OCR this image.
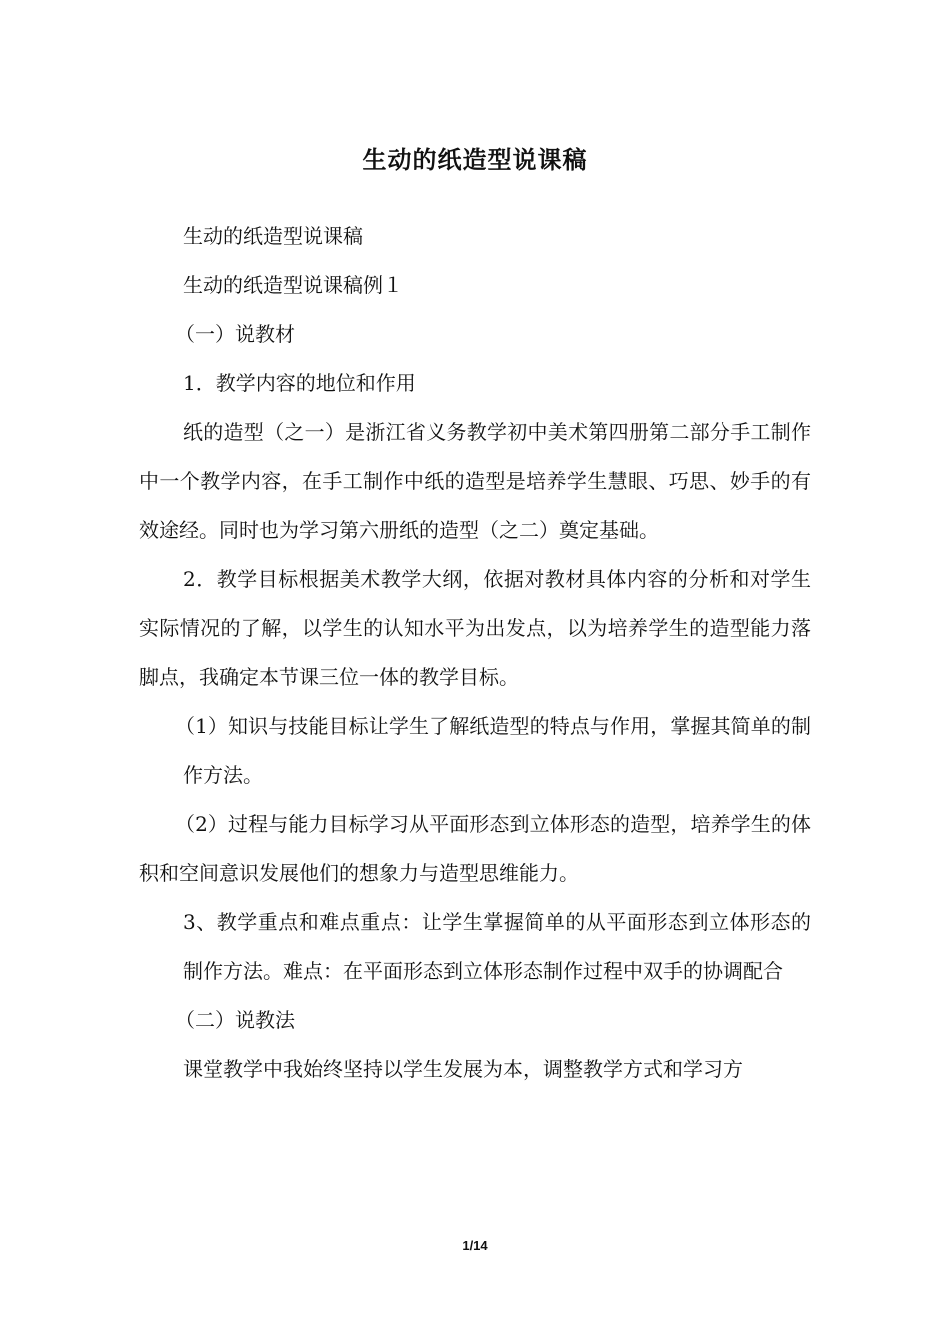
生动的纸造型说课稿

生动的纸造型说课稿

生动的纸造型说课稿例１

（一）说教材

1．教学内容的地位和作用

纸的造型（之一）是浙江省义务教学初中美术第四册第二部分手工制作中一个教学内容，在手工制作中纸的造型是培养学生慧眼、巧思、妙手的有效途经。同时也为学习第六册纸的造型（之二）奠定基础。

2．教学目标根据美术教学大纲，依据对教材具体内容的分析和对学生实际情况的了解，以学生的认知水平为出发点，以为培养学生的造型能力落脚点，我确定本节课三位一体的教学目标。

（1）知识与技能目标让学生了解纸造型的特点与作用，掌握其简单的制作方法。

（2）过程与能力目标学习从平面形态到立体形态的造型，培养学生的体积和空间意识发展他们的想象力与造型思维能力。

3、教学重点和难点重点：让学生掌握简单的从平面形态到立体形态的制作方法。难点：在平面形态到立体形态制作过程中双手的协调配合

（二）说教法

课堂教学中我始终坚持以学生发展为本，调整教学方式和学习方

1/14
